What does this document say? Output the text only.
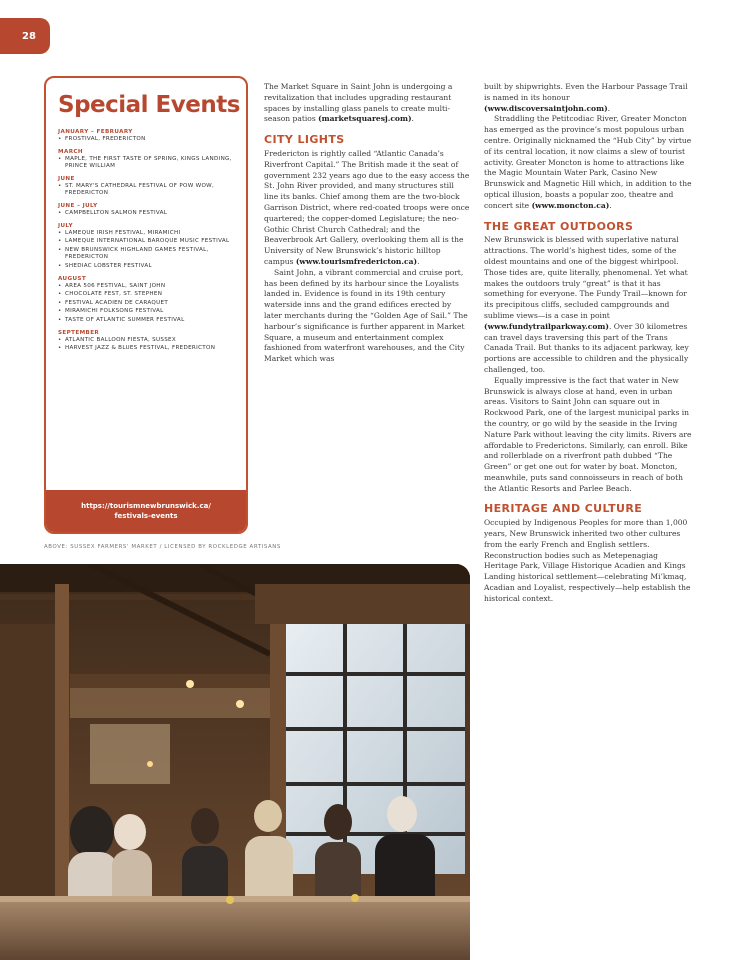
28
Special Events
JANUARY – FEBRUARY
• FROSTIVAL, FREDERICTON
MARCH
• MAPLE, THE FIRST TASTE OF SPRING, KINGS LANDING, PRINCE WILLIAM
JUNE
• ST. MARY'S CATHEDRAL FESTIVAL OF POW WOW, FREDERICTON
JUNE – JULY
• CAMPBELLTON SALMON FESTIVAL
JULY
• LAMEQUE IRISH FESTIVAL, MIRAMICHI
• LAMEQUE INTERNATIONAL BAROQUE MUSIC FESTIVAL
• NEW BRUNSWICK HIGHLAND GAMES FESTIVAL, FREDERICTON
• SHEDIAC LOBSTER FESTIVAL
AUGUST
• AREA 506 FESTIVAL, SAINT JOHN
• CHOCOLATE FEST, ST. STEPHEN
• FESTIVAL ACADIEN DE CARAQUET
• MIRAMICHI FOLKSONG FESTIVAL
• TASTE OF ATLANTIC SUMMER FESTIVAL
SEPTEMBER
• ATLANTIC BALLOON FIESTA, SUSSEX
• HARVEST JAZZ & BLUES FESTIVAL, FREDERICTON
https://tourismnewbrunswick.ca/
festivals-events

The Market Square in Saint John is undergoing a revitalization that includes upgrading restaurant spaces by installing glass panels to create multi-season patios (marketsquaresj.com).

CITY LIGHTS

Fredericton is rightly called “Atlantic Canada’s Riverfront Capital.” The British made it the seat of government 232 years ago due to the easy access the St. John River provided, and many structures still line its banks. Chief among them are the two-block Garrison District, where red-coated troops were once quartered; the copper-domed Legislature; the neo-Gothic Christ Church Cathedral; and the Beaverbrook Art Gallery, overlooking them all is the University of New Brunswick’s historic hilltop campus (www.tourismfredericton.ca).

Saint John, a vibrant commercial and cruise port, has been defined by its harbour since the Loyalists landed in. Evidence is found in its 19th century waterside inns and the grand edifices erected by later merchants during the “Golden Age of Sail.” The harbour’s significance is further apparent in Market Square, a museum and entertainment complex fashioned from waterfront warehouses, and the City Market which was

built by shipwrights. Even the Harbour Passage Trail is named in its honour (www.discoversaintjohn.com).

Straddling the Petitcodiac River, Greater Moncton has emerged as the province’s most populous urban centre. Originally nicknamed the “Hub City” by virtue of its central location, it now claims a slew of tourist activity. Greater Moncton is home to attractions like the Magic Mountain Water Park, Casino New Brunswick and Magnetic Hill which, in addition to the optical illusion, boasts a popular zoo, theatre and concert site (www.moncton.ca).

THE GREAT OUTDOORS

New Brunswick is blessed with superlative natural attractions. The world’s highest tides, some of the oldest mountains and one of the biggest whirlpool. Those tides are, quite literally, phenomenal. Yet what makes the outdoors truly “great” is that it has something for everyone. The Fundy Trail—known for its precipitous cliffs, secluded campgrounds and sublime views—is a case in point (www.fundytrailparkway.com). Over 30 kilometres can travel days traversing this part of the Trans Canada Trail. But thanks to its adjacent parkway, key portions are accessible to children and the physically challenged, too.

Equally impressive is the fact that water in New Brunswick is always close at hand, even in urban areas. Visitors to Saint John can square out in Rockwood Park, one of the largest municipal parks in the country, or go wild by the seaside in the Irving Nature Park without leaving the city limits. Rivers are affordable to Frederictons. Similarly, can enroll. Bike and rollerblade on a riverfront path dubbed “The Green” or get one out for water by boat. Moncton, meanwhile, puts sand connoisseurs in reach of both the Atlantic Resorts and Parlee Beach.

HERITAGE AND CULTURE

Occupied by Indigenous Peoples for more than 1,000 years, New Brunswick inherited two other cultures from the early French and English settlers. Reconstruction bodies such as Metepenagiag Heritage Park, Village Historique Acadien and Kings Landing historical settlement—celebrating Mi’kmaq, Acadian and Loyalist, respectively—help establish the historical context.

ABOVE: SUSSEX FARMERS' MARKET / LICENSED BY ROCKLEDGE ARTISANS
